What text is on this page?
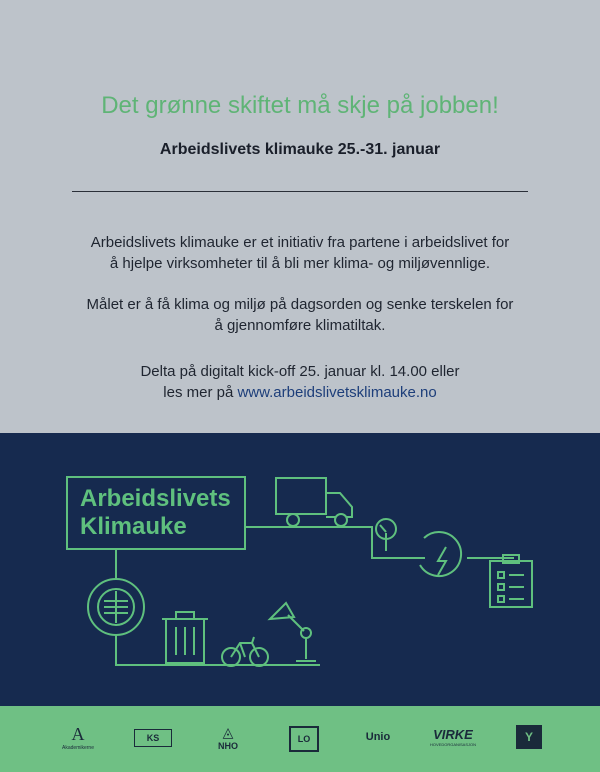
Det grønne skiftet må skje på jobben!
Arbeidslivets klimauke 25.-31. januar
Arbeidslivets klimauke er et initiativ fra partene i arbeidslivet for
å hjelpe virksomheter til å bli mer klima- og miljøvennlige.
Målet er å få klima og miljø på dagsorden og senke terskelen for
å gjennomføre klimatiltak.
Delta på digitalt kick-off 25. januar kl. 14.00 eller
les mer på www.arbeidslivetsklimauke.no
Arbeidslivets
Klimauke
A
Akademikerne
KS	◬
NHO
LO	Unio	VIRKE
HOVEDORGANISASJON
Y
